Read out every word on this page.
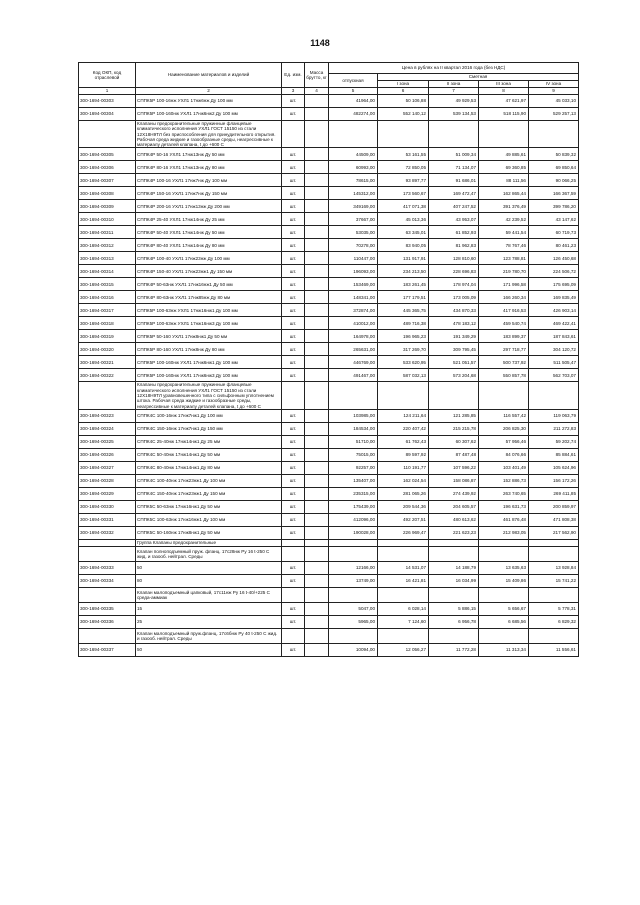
1148
Код ОКП, код отраслевой	Наименование материалов и изделий	Ед. изм.	Масса брутто, кг	Цена в рублях на II квартал 2016 года (без НДС)				
				отпускная	Сметная			
					I зона	II зона	III зона	IV зона
1	2	3	4	5	6	7	8	9
300-1694-00303	СППК5Р 100-16нж УХЛ1 17нж6нж Ду 100 мм	шт.		41964,00	50 106,88	49 929,53	47 621,97	45 033,10
300-1694-00304	СППК5Р 100-160нж УХЛ1 17нж6нж2 Ду 100 мм	шт.		482274,00	552 140,12	539 134,53	518 115,90	529 257,13
	Клапаны предохранительные пружинные фланцевые климатического исполнения УХЛ1 ГОСТ 15150 из стали 12Х18Н9ТЛ без приспособления для принудительного открытия. Рабочая среда жидкие и газообразные среды, неагрессивные к материалу деталей клапана, t до +600 С							
300-1694-00305	СППК4Р 50-16 УХЛ1 17нж13нж Ду 50 мм	шт.		44509,00	53 161,55	51 009,34	49 885,61	50 839,32
300-1694-00306	СППК4Р 80-16 УХЛ1 17нж13нж Ду 80 мм	шт.		60993,00	72 850,05	71 134,07	69 360,85	69 850,64
300-1694-00307	СППК4Р 100-16 УХЛ1 17нж7нж Ду 100 мм	шт.		78615,00	93 897,77	91 686,01	88 111,56	90 066,25
300-1694-00308	СППК4Р 150-16 УХЛ1 17нж7нж Ду 150 мм	шт.		145312,00	173 560,67	169 472,47	162 865,44	166 367,59
300-1694-00309	СППК4Р 200-16 УХЛ1 17нж13нж Ду 200 мм	шт.		349169,00	417 071,38	407 247,52	391 376,49	399 786,20
300-1694-00310	СППК4Р 25-40 УХЛ1 17нж14нж Ду 25 мм	шт.		37667,00	45 013,36	43 953,07	42 239,52	43 147,62
300-1694-00311	СППК4Р 50-40 УХЛ1 17нж14нж Ду 50 мм	шт.		53035,00	63 345,01	61 852,93	59 441,54	60 719,73
300-1694-00312	СППК4Р 80-40 УХЛ1 17нж14нж Ду 80 мм	шт.		70278,00	83 940,05	81 962,83	78 767,46	80 461,23
300-1694-00313	СППК4Р 100-40 УХЛ1 17нж23нж Ду 100 мм	шт.		110447,00	131 917,91	128 810,60	123 788,81	126 450,68
300-1694-00314	СППК4Р 150-40 УХЛ1 17нж23нж1 Ду 150 мм	шт.		196093,00	234 213,50	228 696,83	219 780,70	224 506,72
300-1694-00315	СППК4Р 50-63нж УХЛ1 17нж16нж1 Ду 50 мм	шт.		153469,00	183 261,45	178 974,04	171 996,58	175 695,09
300-1694-00316	СППК4Р 80-63нж УХЛ1 17нж85нж Ду 80 мм	шт.		148341,00	177 179,51	173 005,09	166 260,34	169 835,49
300-1694-00317	СППК5Р 100-63нж УХЛ1 17нж16нж1 Ду 100 мм	шт.		372874,00	445 365,75	434 870,33	417 916,53	426 903,14
300-1694-00318	СППК5Р 100-63нж УХЛ1 17нж16нж3 Ду 100 мм	шт.		410012,00	489 716,38	478 183,12	459 540,74	469 422,41
300-1694-00319	СППК5Р 50-160 УХЛ1 17нж8нж1 Ду 50 мм	шт.		164978,00	196 965,23	191 349,29	183 899,37	187 843,61
300-1694-00320	СППК5Р 80-160 УХЛ1 17нж8нж Ду 80 мм	шт.		265631,00	317 269,70	309 795,45	297 718,77	304 120,72
300-1694-00321	СППК5Р 100-160нж УХЛ1 17нж6нж1 Ду 100 мм	шт.		446769,00	533 620,95	521 051,57	500 737,92	511 505,47
300-1694-00322	СППК5Р 100-160нж УХЛ1 17нж6нж3 Ду 100 мм	шт.		491467,00	587 032,13	573 204,68	550 857,78	562 703,07
	Клапаны предохранительные пружинные фланцевые климатического исполнения УХЛ1 ГОСТ 15150 из стали 12Х18Н9ТЛ уравновешенного типа с сильфонным уплотнением штока. Рабочая среда жидкие и газообразные среды, неагрессивные к материалу деталей клапана, t до +600 С							
300-1694-00323	СППК4С 100-16нж 17нж7нж1 Ду 100 мм	шт.		103985,00	124 211,64	121 285,85	116 557,42	119 063,79
300-1694-00324	СППК4С 150-16нж 17нж7нж1 Ду 150 мм	шт.		184534,00	220 407,42	215 215,78	206 825,30	211 272,83
300-1694-00325	СППК4С 25-40нж 17нж14нж1 Ду 25 мм	шт.		51710,00	61 762,43	60 307,62	57 956,46	59 202,74
300-1694-00326	СППК4С 50-40нж 17нж14нж1 Ду 50 мм	шт.		75015,00	89 597,92	87 487,48	84 076,66	85 884,61
300-1694-00327	СППК4С 80-40нж 17нж14нж1 Ду 80 мм	шт.		92257,00	110 191,77	107 596,22	103 401,49	105 624,96
300-1694-00328	СППК4С 100-40нж 17нж23нж1 Ду 100 мм	шт.		135407,00	162 024,54	158 086,87	152 886,73	156 172,26
300-1694-00329	СППК4С 150-40нж 17нж23нж1 Ду 150 мм	шт.		235315,00	281 065,26	274 439,92	263 740,65	269 411,85
300-1694-00330	СППК5С 50-63нж 17нж16нж1 Ду 50 мм	шт.		175439,00	209 544,36	204 605,57	196 631,73	200 859,97
300-1694-00331	СППК5С 100-63нж 17нж16нж1 Ду 100 мм	шт.		412096,00	492 207,51	480 613,62	461 876,48	471 808,38
300-1694-00332	СППК5С 50-160нж 17нж8нж1 Ду 50 мм	шт.		190028,00	226 969,47	221 623,23	212 983,05	217 562,90
	Группа Клапаны предохранительные							
	Клапан полноподъемный пруж. фланц. 17с28нж Ру 16 t-250 С жид. и газооб. нейтрал. Среды							
300-1694-00333	50	шт.		12166,00	14 531,07	14 188,79	13 635,63	13 928,84
300-1694-00334	80	шт.		13749,00	16 421,81	16 034,99	15 409,86	15 741,22
	Клапан малоподъемный цапковый, 17с11нж Ру 16 t-40/+225 С среда-аммиак							
300-1694-00335	15	шт.		5047,00	6 028,14	5 886,15	5 656,67	5 778,31
300-1694-00336	25	шт.		5965,00	7 124,60	6 956,78	6 685,56	6 829,32
	Клапан малоподъемный пруж.фланц. 17с6бнж Ру 40 t-250 С жид. и газооб. нейтрал. Среды							
300-1694-00337	50	шт.		10094,00	12 056,27	11 772,28	11 313,34	11 556,61
